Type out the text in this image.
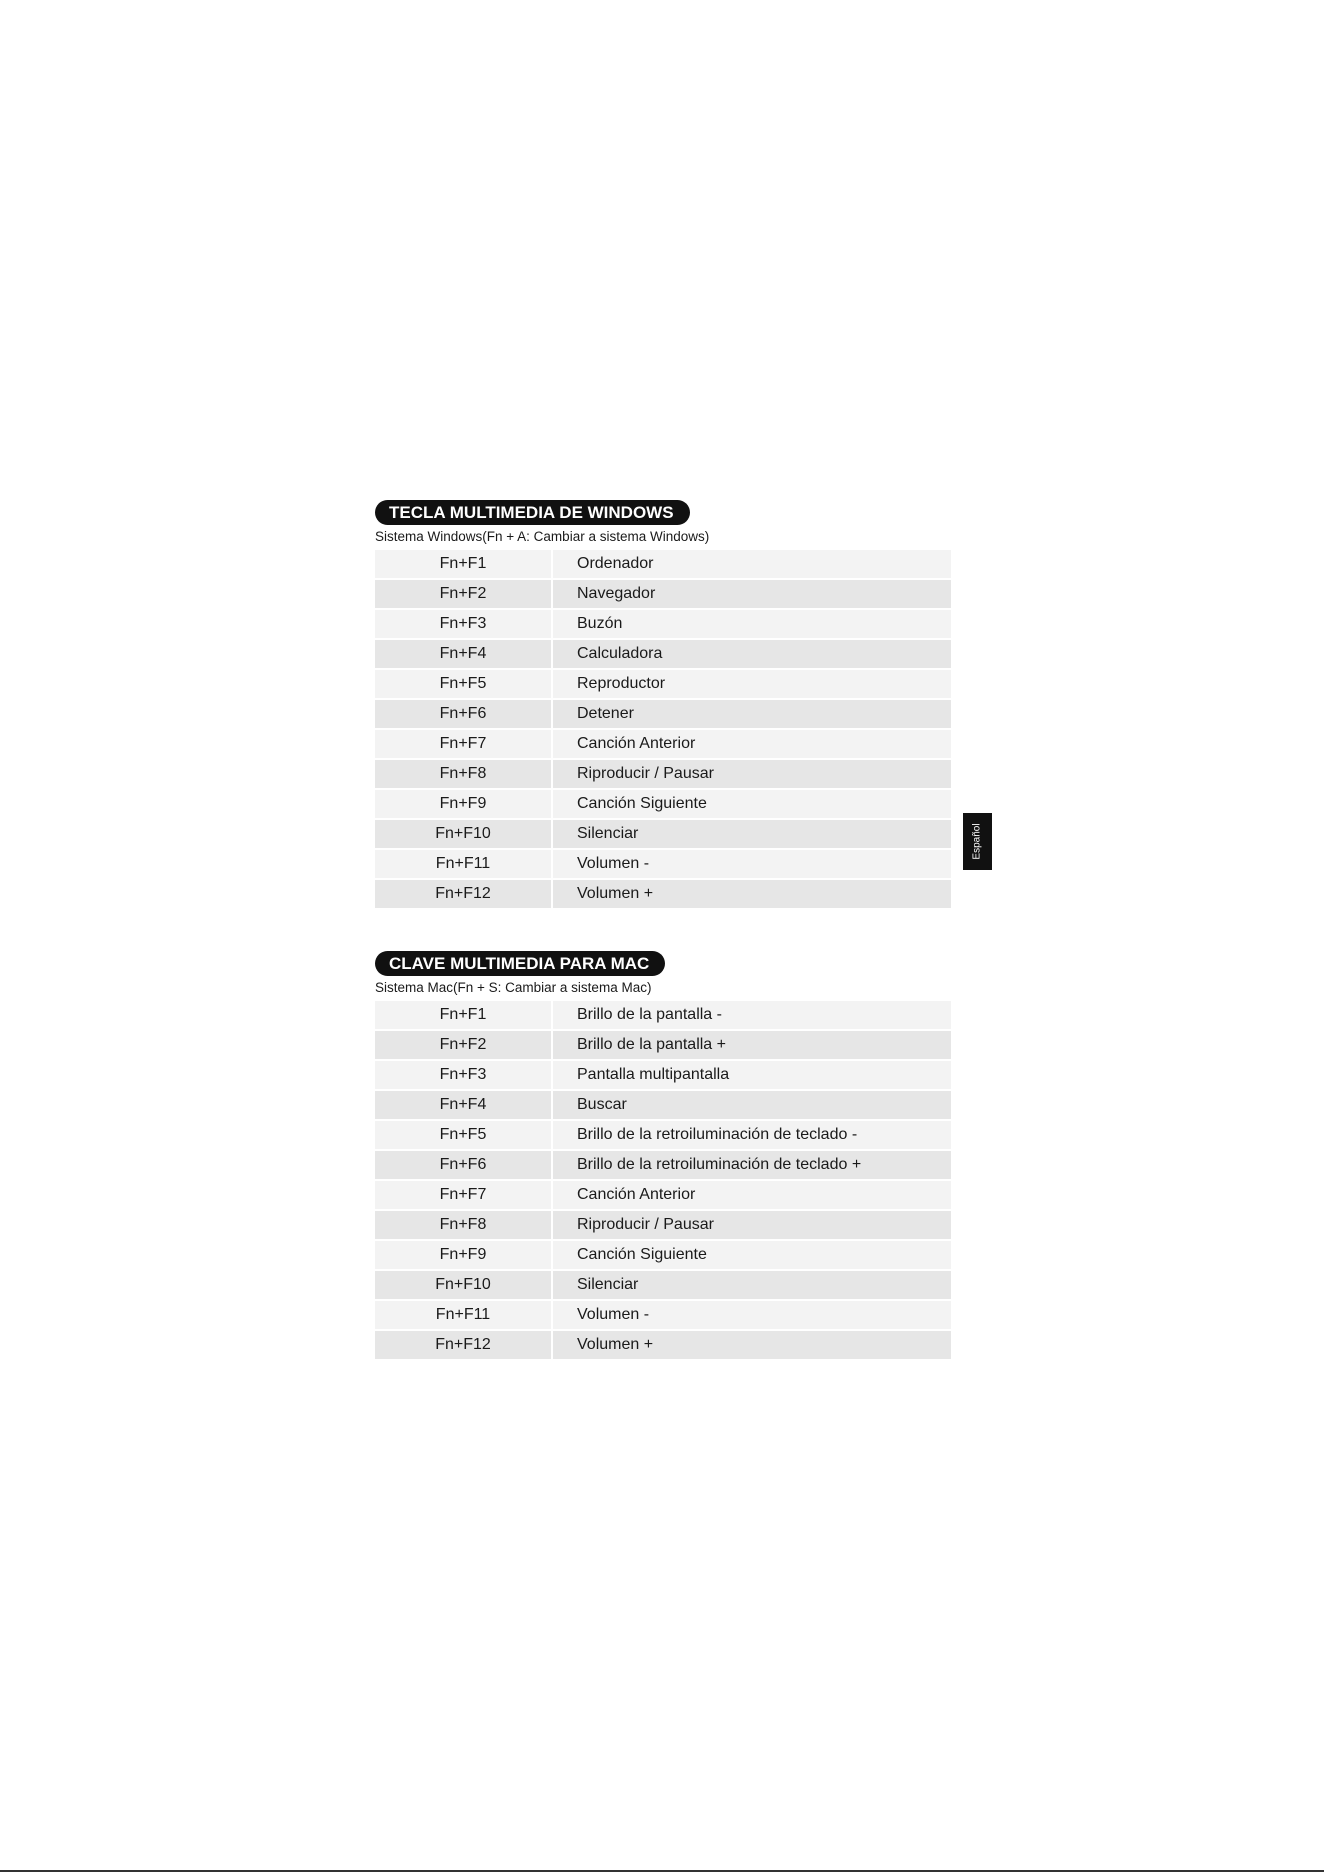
TECLA MULTIMEDIA DE WINDOWS
Sistema Windows(Fn + A: Cambiar a sistema Windows)
Fn+F1	Ordenador
Fn+F2	Navegador
Fn+F3	Buzón
Fn+F4	Calculadora
Fn+F5	Reproductor
Fn+F6	Detener
Fn+F7	Canción Anterior
Fn+F8	Riproducir / Pausar
Fn+F9	Canción Siguiente
Fn+F10	Silenciar
Fn+F11	Volumen -
Fn+F12	Volumen +
CLAVE MULTIMEDIA PARA MAC
Sistema Mac(Fn + S: Cambiar a sistema Mac)
Fn+F1	Brillo de la pantalla -
Fn+F2	Brillo de la pantalla +
Fn+F3	Pantalla multipantalla
Fn+F4	Buscar
Fn+F5	Brillo de la retroiluminación de teclado -
Fn+F6	Brillo de la retroiluminación de teclado +
Fn+F7	Canción Anterior
Fn+F8	Riproducir / Pausar
Fn+F9	Canción Siguiente
Fn+F10	Silenciar
Fn+F11	Volumen -
Fn+F12	Volumen +
Español
